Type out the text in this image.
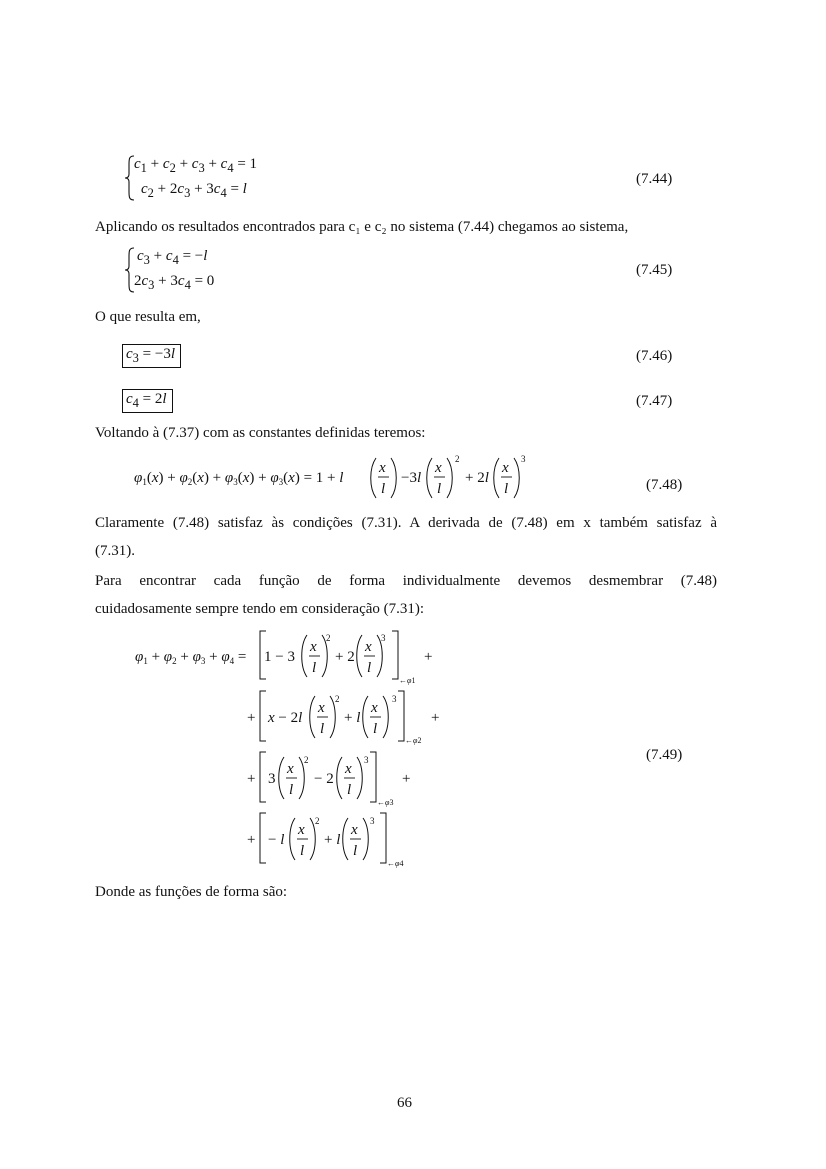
$c_1 + c_2 + c_3 + c_4 = 1$
$c_2 + 2c_3 + 3c_4 = l$
(7.44)
Aplicando os resultados encontrados para c₁ e c₂ no sistema (7.44) chegamos ao sistema,
$c_3 + c_4 = -l$
$2c_3 + 3c_4 = 0$
(7.45)
O que resulta em,
$c_3 = -3l$	(7.46)
$c_4 = 2l$	(7.47)
Voltando à (7.37) com as constantes definidas teremos:
$\varphi_1(x) + \varphi_2(x) + \varphi_3(x) + \varphi_3(x) = 1 + l$
x
l
−3l
x
l
2
+ 2l
x
l
3
(7.48)
Claramente (7.48) satisfaz às condições (7.31). A derivada de (7.48) em x também satisfaz à
(7.31).
Para encontrar cada função de forma individualmente devemos desmembrar (7.48)
cuidadosamente sempre tendo em consideração (7.31):
$\varphi_1 + \varphi_2 + \varphi_3 + \varphi_4 = 1 - 3$
x
l
2
+ 2
x
l
3
←φ1
+
+ x − 2l
x
l
2
+ l
x
l
3
←φ2
+
+ 3
x
l
2
− 2
x
l
3
←φ3
+
+ − l
x
l
2
+ l
x
l
3
←φ4
(7.49)
Donde as funções de forma são:
66
